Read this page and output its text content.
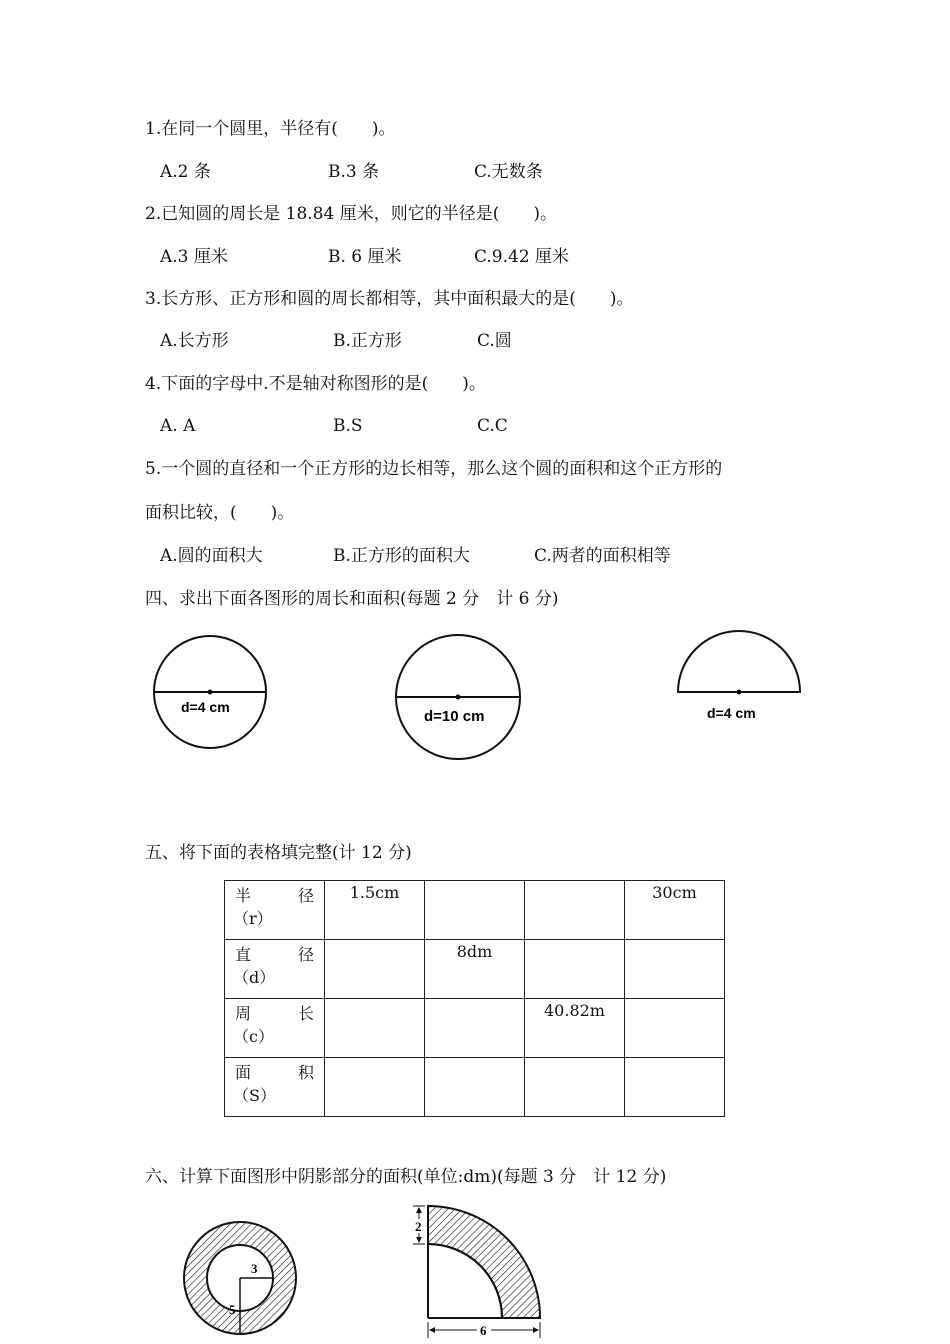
1.在同一个圆里，半径有(　　)。
A.2 条	B.3 条	C.无数条
2.已知圆的周长是 18.84 厘米，则它的半径是(　　)。
A.3 厘米	B. 6 厘米	C.9.42 厘米
3.长方形、正方形和圆的周长都相等，其中面积最大的是(　　)。
A.长方形	B.正方形	C.圆
4.下面的字母中.不是轴对称图形的是(　　)。
A. A	B.S	C.C
5.一个圆的直径和一个正方形的边长相等，那么这个圆的面积和这个正方形的
面积比较，(　　)。
A.圆的面积大	B.正方形的面积大	C.两者的面积相等
四、求出下面各图形的周长和面积(每题 2 分　计 6 分)
d=4 cm
d=10 cm	d=4 cm
五、将下面的表格填完整(计 12 分)
半 径
（r）	1.5cm			30cm

直 径
（d）		8dm		

周 长
（c）			40.82m	

面 积
（S）				

六、计算下面图形中阴影部分的面积(单位:dm)(每题 3 分　计 12 分)
3
5
2
6
